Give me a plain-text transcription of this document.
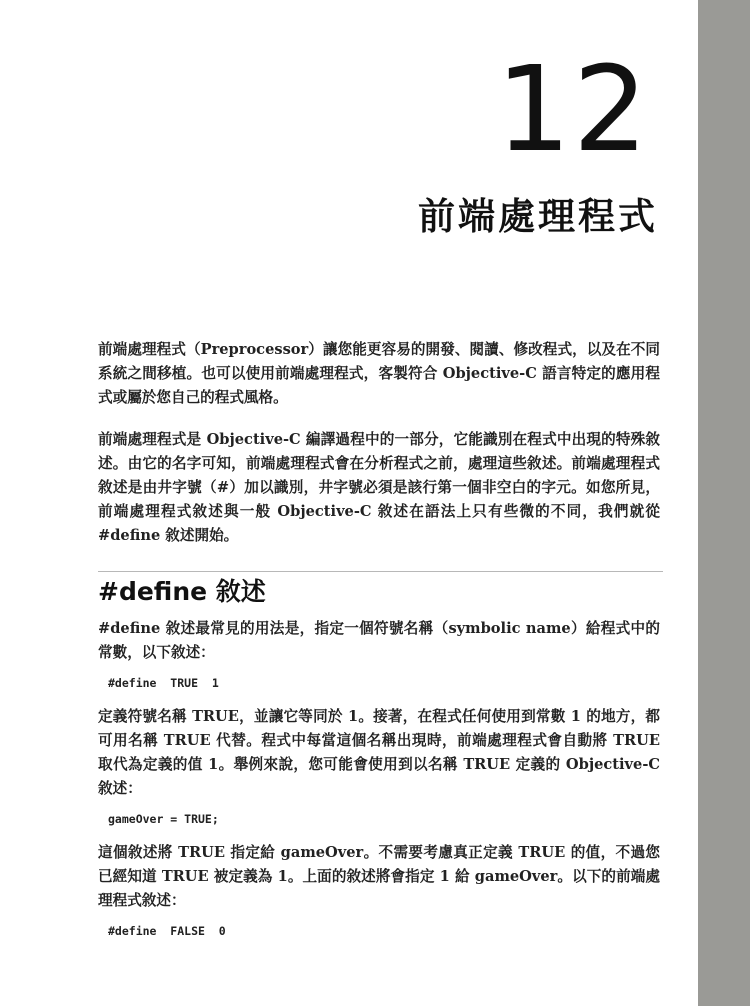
12
前端處理程式

前端處理程式（Preprocessor）讓您能更容易的開發、閱讀、修改程式，以及在不同系統之間移植。也可以使用前端處理程式，客製符合 Objective-C 語言特定的應用程式或屬於您自己的程式風格。

前端處理程式是 Objective-C 編譯過程中的一部分，它能識別在程式中出現的特殊敘述。由它的名字可知，前端處理程式會在分析程式之前，處理這些敘述。前端處理程式敘述是由井字號（#）加以識別，井字號必須是該行第一個非空白的字元。如您所見，前端處理程式敘述與一般 Objective-C 敘述在語法上只有些微的不同，我們就從 #define 敘述開始。

#define 敘述

#define 敘述最常見的用法是，指定一個符號名稱（symbolic name）給程式中的常數，以下敘述：

#define  TRUE  1

定義符號名稱 TRUE，並讓它等同於 1。接著，在程式任何使用到常數 1 的地方，都可用名稱 TRUE 代替。程式中每當這個名稱出現時，前端處理程式會自動將 TRUE 取代為定義的值 1。舉例來說，您可能會使用到以名稱 TRUE 定義的 Objective-C 敘述：

gameOver = TRUE;

這個敘述將 TRUE 指定給 gameOver。不需要考慮真正定義 TRUE 的值，不過您已經知道 TRUE 被定義為 1。上面的敘述將會指定 1 給 gameOver。以下的前端處理程式敘述：

#define  FALSE  0
